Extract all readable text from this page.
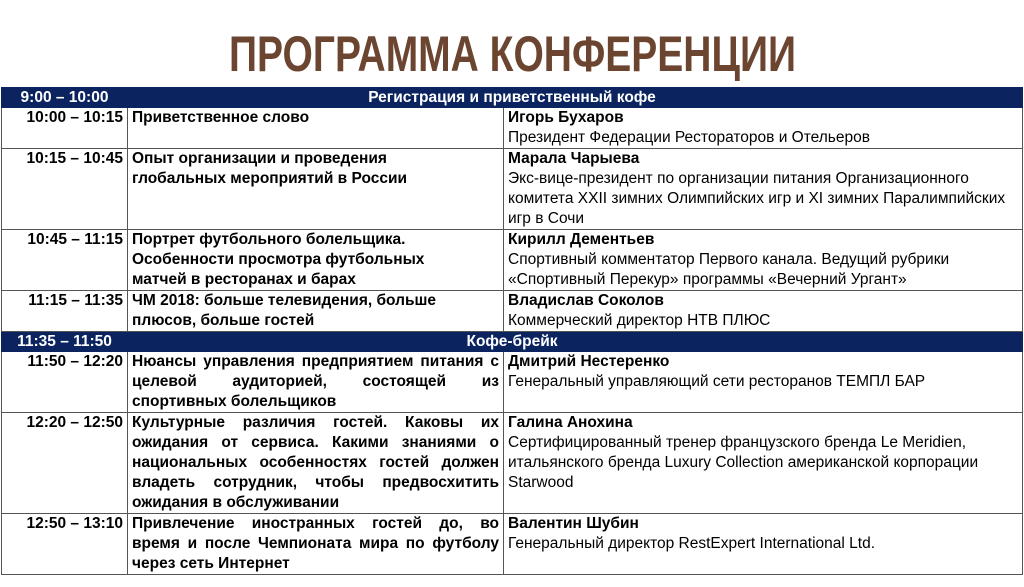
ПРОГРАММА КОНФЕРЕНЦИИ
9:00 – 10:00	Регистрация и приветственный кофе	
10:00 – 10:15	Приветственное слово	Игорь Бухаров
Президент Федерации Рестораторов и Отельеров

10:15 – 10:45	Опыт организации и проведения глобальных мероприятий в России	Марала Чарыева
Экс-вице-президент по организации питания Организационного комитета XXII зимних Олимпийских игр и XI зимних Паралимпийских игр в Сочи

10:45 – 11:15	Портрет футбольного болельщика. Особенности просмотра футбольных матчей в ресторанах и барах	Кирилл Дементьев
Спортивный комментатор Первого канала. Ведущий рубрики «Спортивный Перекур» программы «Вечерний Ургант»

11:15 – 11:35	ЧМ 2018: больше телевидения, больше плюсов, больше гостей	Владислав Соколов
Коммерческий директор НТВ ПЛЮС

11:35 – 11:50	Кофе-брейк	
11:50 – 12:20	Нюансы управления предприятием питания с целевой аудиторией, состоящей из спортивных болельщиков	Дмитрий Нестеренко
Генеральный управляющий сети ресторанов ТЕМПЛ БАР

12:20 – 12:50	Культурные различия гостей. Каковы их ожидания от сервиса. Какими знаниями о национальных особенностях гостей должен владеть сотрудник, чтобы предвосхитить ожидания в обслуживании	Галина Анохина
Сертифицированный тренер французского бренда Le Meridien, итальянского бренда Luxury Collection американской корпорации Starwood

12:50 – 13:10	Привлечение иностранных гостей до, во время и после Чемпионата мира по футболу через сеть Интернет	Валентин Шубин
Генеральный директор RestExpert International Ltd.
